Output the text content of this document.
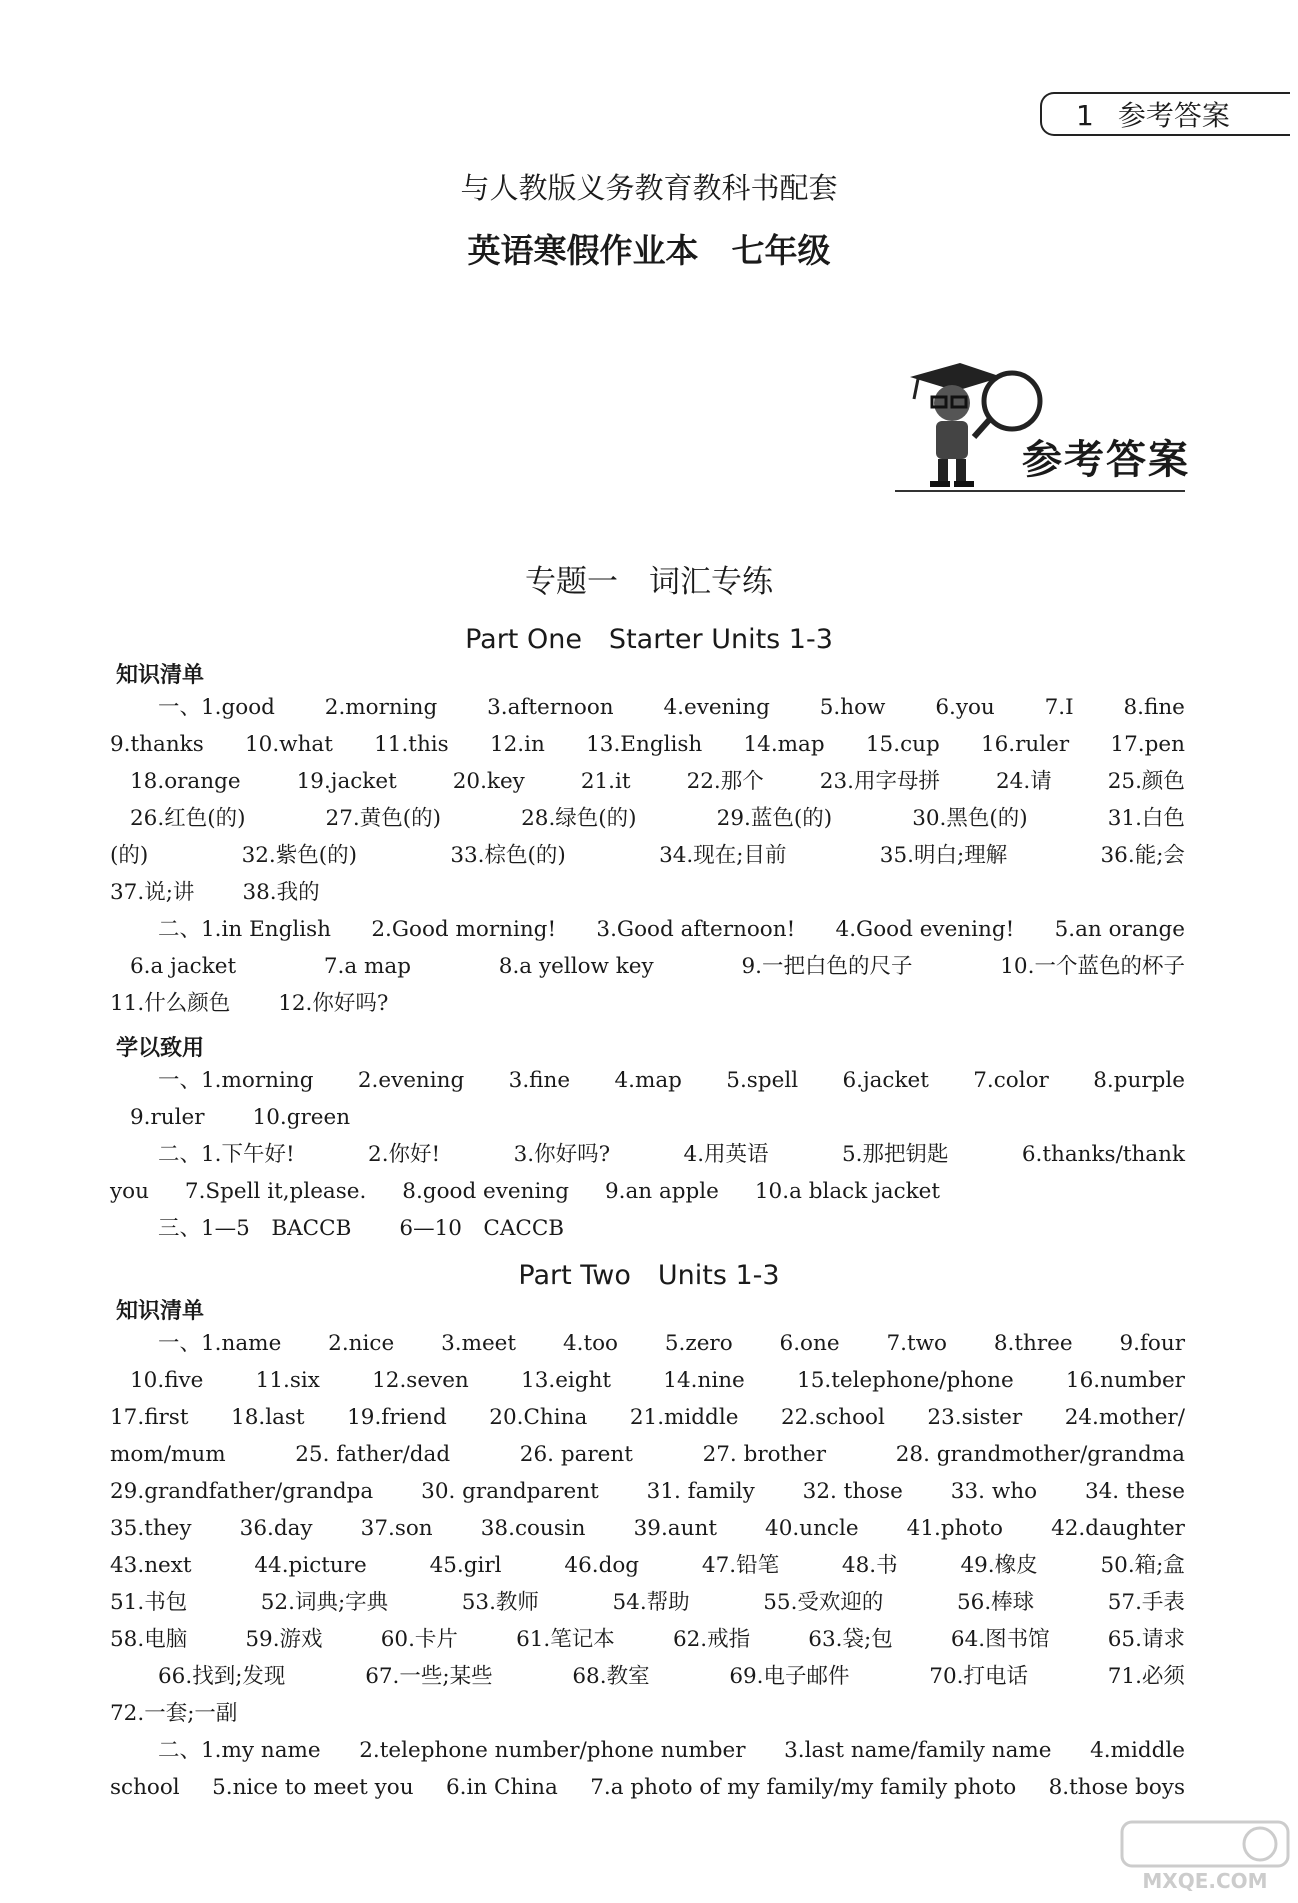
1 参考答案
与人教版义务教育教科书配套
英语寒假作业本　七年级
参考答案
专题一　词汇专练
Part One　Starter Units 1-3
知识清单
一、1.good 2.morning 3.afternoon 4.evening 5.how 6.you 7.I 8.fine
9.thanks 10.what 11.this 12.in 13.English 14.map 15.cup 16.ruler 17.pen
18.orange	19.jacket	20.key	21.it	22.那个	23.用字母拼	24.请	25.颜色
26.红色(的)	27.黄色(的)	28.绿色(的)	29.蓝色(的)	30.黑色(的)	31.白色
(的)	32.紫色(的)	33.棕色(的)	34.现在;目前	35.明白;理解	36.能;会
37.说;讲 38.我的
二、1.in English 2.Good morning! 3.Good afternoon! 4.Good evening! 5.an orange
6.a jacket	7.a map	8.a yellow key	9.一把白色的尺子	10.一个蓝色的杯子
11.什么颜色 12.你好吗?
学以致用
一、1.morning 2.evening 3.fine 4.map 5.spell 6.jacket 7.color 8.purple
9.ruler 10.green
二、1.下午好!	2.你好!	3.你好吗?	4.用英语	5.那把钥匙	6.thanks/thank
you 7.Spell it,please. 8.good evening 9.an apple 10.a black jacket
三、1—5　BACCB 6—10　CACCB
Part Two　Units 1-3
知识清单
一、1.name 2.nice 3.meet 4.too 5.zero 6.one 7.two 8.three 9.four
10.five 11.six 12.seven 13.eight 14.nine 15.telephone/phone 16.number
17.first 18.last 19.friend 20.China 21.middle 22.school 23.sister 24.mother/
mom/mum	25. father/dad	26. parent	27. brother	28. grandmother/grandma
29.grandfather/grandpa 30. grandparent 31. family 32. those 33. who 34. these
35.they 36.day 37.son 38.cousin 39.aunt 40.uncle 41.photo 42.daughter
43.next	44.picture	45.girl	46.dog	47.铅笔	48.书	49.橡皮	50.箱;盒
51.书包	52.词典;字典	53.教师	54.帮助	55.受欢迎的	56.棒球	57.手表
58.电脑	59.游戏	60.卡片	61.笔记本	62.戒指	63.袋;包	64.图书馆	65.请求
66.找到;发现	67.一些;某些	68.教室	69.电子邮件	70.打电话	71.必须
72.一套;一副
二、1.my name 2.telephone number/phone number 3.last name/family name 4.middle
school 5.nice to meet you 6.in China 7.a photo of my family/my family photo 8.those boys
MXQE.COM
